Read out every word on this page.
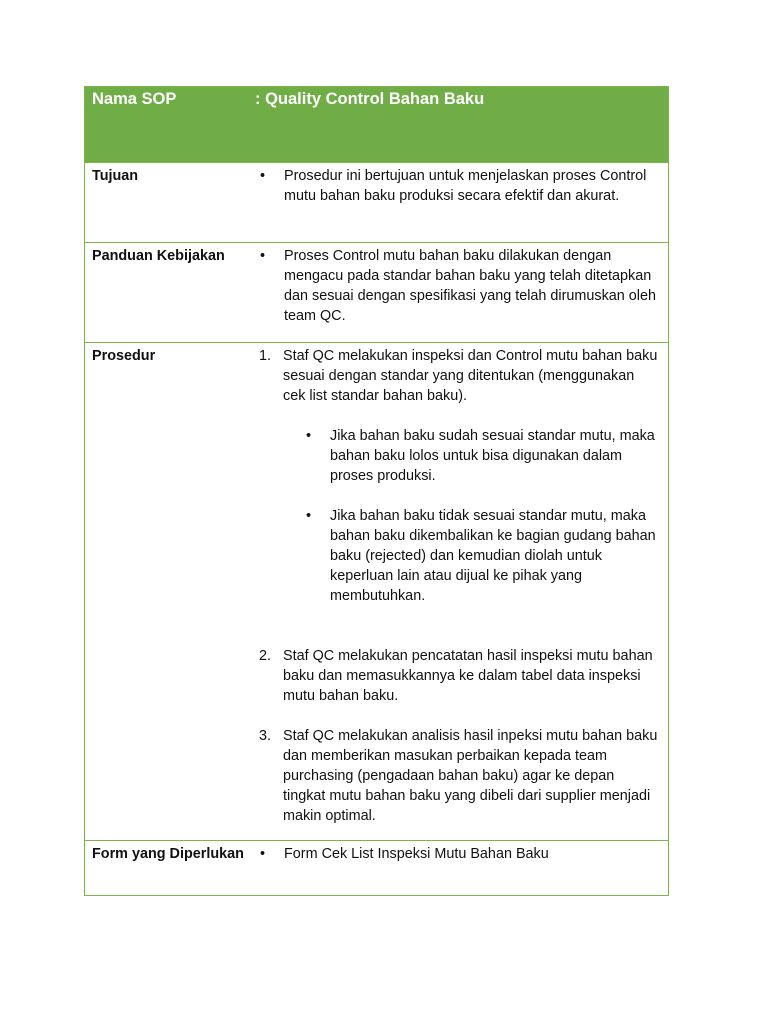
Nama SOP	: Quality Control Bahan Baku
Tujuan	•	Prosedur ini bertujuan untuk menjelaskan proses Control mutu bahan baku produksi secara efektif dan akurat.
Panduan Kebijakan	•	Proses Control mutu bahan baku dilakukan dengan mengacu pada standar bahan baku yang telah ditetapkan dan sesuai dengan spesifikasi yang telah dirumuskan oleh team QC.
Prosedur	1. Staf QC melakukan inspeksi dan Control mutu bahan baku sesuai dengan standar yang ditentukan (menggunakan cek list standar bahan baku).
•	Jika bahan baku sudah sesuai standar mutu, maka bahan baku lolos untuk bisa digunakan dalam proses produksi.
•	Jika bahan baku tidak sesuai standar mutu, maka bahan baku dikembalikan ke bagian gudang bahan baku (rejected) dan kemudian diolah untuk keperluan lain atau dijual ke pihak yang membutuhkan.
2. Staf QC melakukan pencatatan hasil inspeksi mutu bahan baku dan memasukkannya ke dalam tabel data inspeksi mutu bahan baku.
3. Staf QC melakukan analisis hasil inpeksi mutu bahan baku dan memberikan masukan perbaikan kepada team purchasing (pengadaan bahan baku) agar ke depan tingkat mutu bahan baku yang dibeli dari supplier menjadi makin optimal.
Form yang Diperlukan •	Form Cek List Inspeksi Mutu Bahan Baku
